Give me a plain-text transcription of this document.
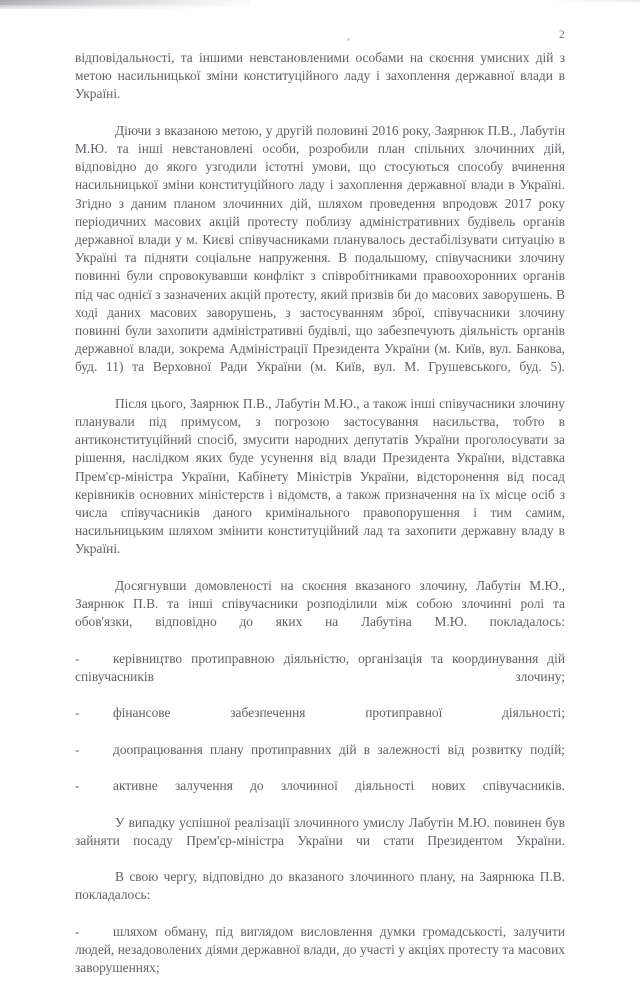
2

відповідальності, та іншими невстановленими особами на скоєння умисних дій з метою насильницької зміни конституційного ладу і захоплення державної влади в Україні.

Діючи з вказаною метою, у другій половині 2016 року, Заярнюк П.В., Лабутін М.Ю. та інші невстановлені особи, розробили план спільних злочинних дій, відповідно до якого узгодили істотні умови, що стосуються способу вчинення насильницької зміни конституційного ладу і захоплення державної влади в Україні. Згідно з даним планом злочинних дій, шляхом проведення впродовж 2017 року періодичних масових акцій протесту поблизу адміністративних будівель органів державної влади у м. Києві співучасниками планувалось дестабілізувати ситуацію в Україні та підняти соціальне напруження. В подальшому, співучасники злочину повинні були спровокувавши конфлікт з співробітниками правоохоронних органів під час однієї з зазначених акцій протесту, який призвів би до масових заворушень. В ході даних масових заворушень, з застосуванням зброї, співучасники злочину повинні були захопити адміністративні будівлі, що забезпечують діяльність органів державної влади, зокрема Адміністрації Президента України (м. Київ, вул. Банкова, буд. 11) та Верховної Ради України (м. Київ, вул. М. Грушевського, буд. 5).

Після цього, Заярнюк П.В., Лабутін М.Ю., а також інші співучасники злочину планували під примусом, з погрозою застосування насильства, тобто в антиконституційний спосіб, змусити народних депутатів України проголосувати за рішення, наслідком яких буде усунення від влади Президента України, відставка Прем'єр-міністра України, Кабінету Міністрів України, відсторонення від посад керівників основних міністерств і відомств, а також призначення на їх місце осіб з числа співучасників даного кримінального правопорушення і тим самим, насильницьким шляхом змінити конституційний лад та захопити державну владу в Україні.

Досягнувши домовленості на скоєння вказаного злочину, Лабутін М.Ю., Заярнюк П.В. та інші співучасники розподілили між собою злочинні ролі та обов'язки, відповідно до яких на Лабутіна М.Ю. покладалось:

-	керівництво протиправною діяльністю, організація та координування дій співучасників злочину;

-	фінансове забезпечення протиправної діяльності;

-	доопрацювання плану протиправних дій в залежності від розвитку подій;

-	активне залучення до злочинної діяльності нових співучасників.

У випадку успішної реалізації злочинного умислу Лабутін М.Ю. повинен був зайняти посаду Прем'єр-міністра України чи стати Президентом України.

В свою чергу, відповідно до вказаного злочинного плану, на Заярнюка П.В. покладалось:

-	шляхом обману, під виглядом висловлення думки громадськості, залучити людей, незадоволених діями державної влади, до участі у акціях протесту та масових заворушеннях;
